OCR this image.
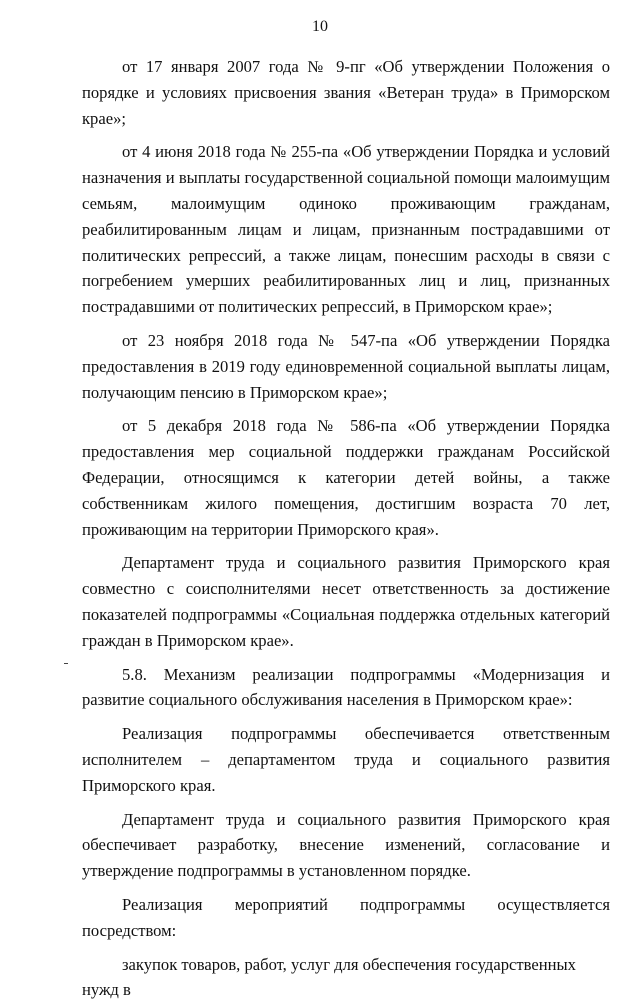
10

от 17 января 2007 года № 9-пг «Об утверждении Положения о порядке и условиях присвоения звания «Ветеран труда» в Приморском крае»;

от 4 июня 2018 года № 255-па «Об утверждении Порядка и условий назначения и выплаты государственной социальной помощи малоимущим семьям, малоимущим одиноко проживающим гражданам, реабилитированным лицам и лицам, признанным пострадавшими от политических репрессий, а также лицам, понесшим расходы в связи с погребением умерших реабилитированных лиц и лиц, признанных пострадавшими от политических репрессий, в Приморском крае»;

от 23 ноября 2018 года № 547-па «Об утверждении Порядка предоставления в 2019 году единовременной социальной выплаты лицам, получающим пенсию в Приморском крае»;

от 5 декабря 2018 года № 586-па «Об утверждении Порядка предоставления мер социальной поддержки гражданам Российской Федерации, относящимся к категории детей войны, а также собственникам жилого помещения, достигшим возраста 70 лет, проживающим на территории Приморского края».

Департамент труда и социального развития Приморского края совместно с соисполнителями несет ответственность за достижение показателей подпрограммы «Социальная поддержка отдельных категорий граждан в Приморском крае».

5.8. Механизм реализации подпрограммы «Модернизация и развитие социального обслуживания населения в Приморском крае»:

Реализация подпрограммы обеспечивается ответственным исполнителем – департаментом труда и социального развития Приморского края.

Департамент труда и социального развития Приморского края обеспечивает разработку, внесение изменений, согласование и утверждение подпрограммы в установленном порядке.

Реализация мероприятий подпрограммы осуществляется посредством:

закупок товаров, работ, услуг для обеспечения государственных нужд в
